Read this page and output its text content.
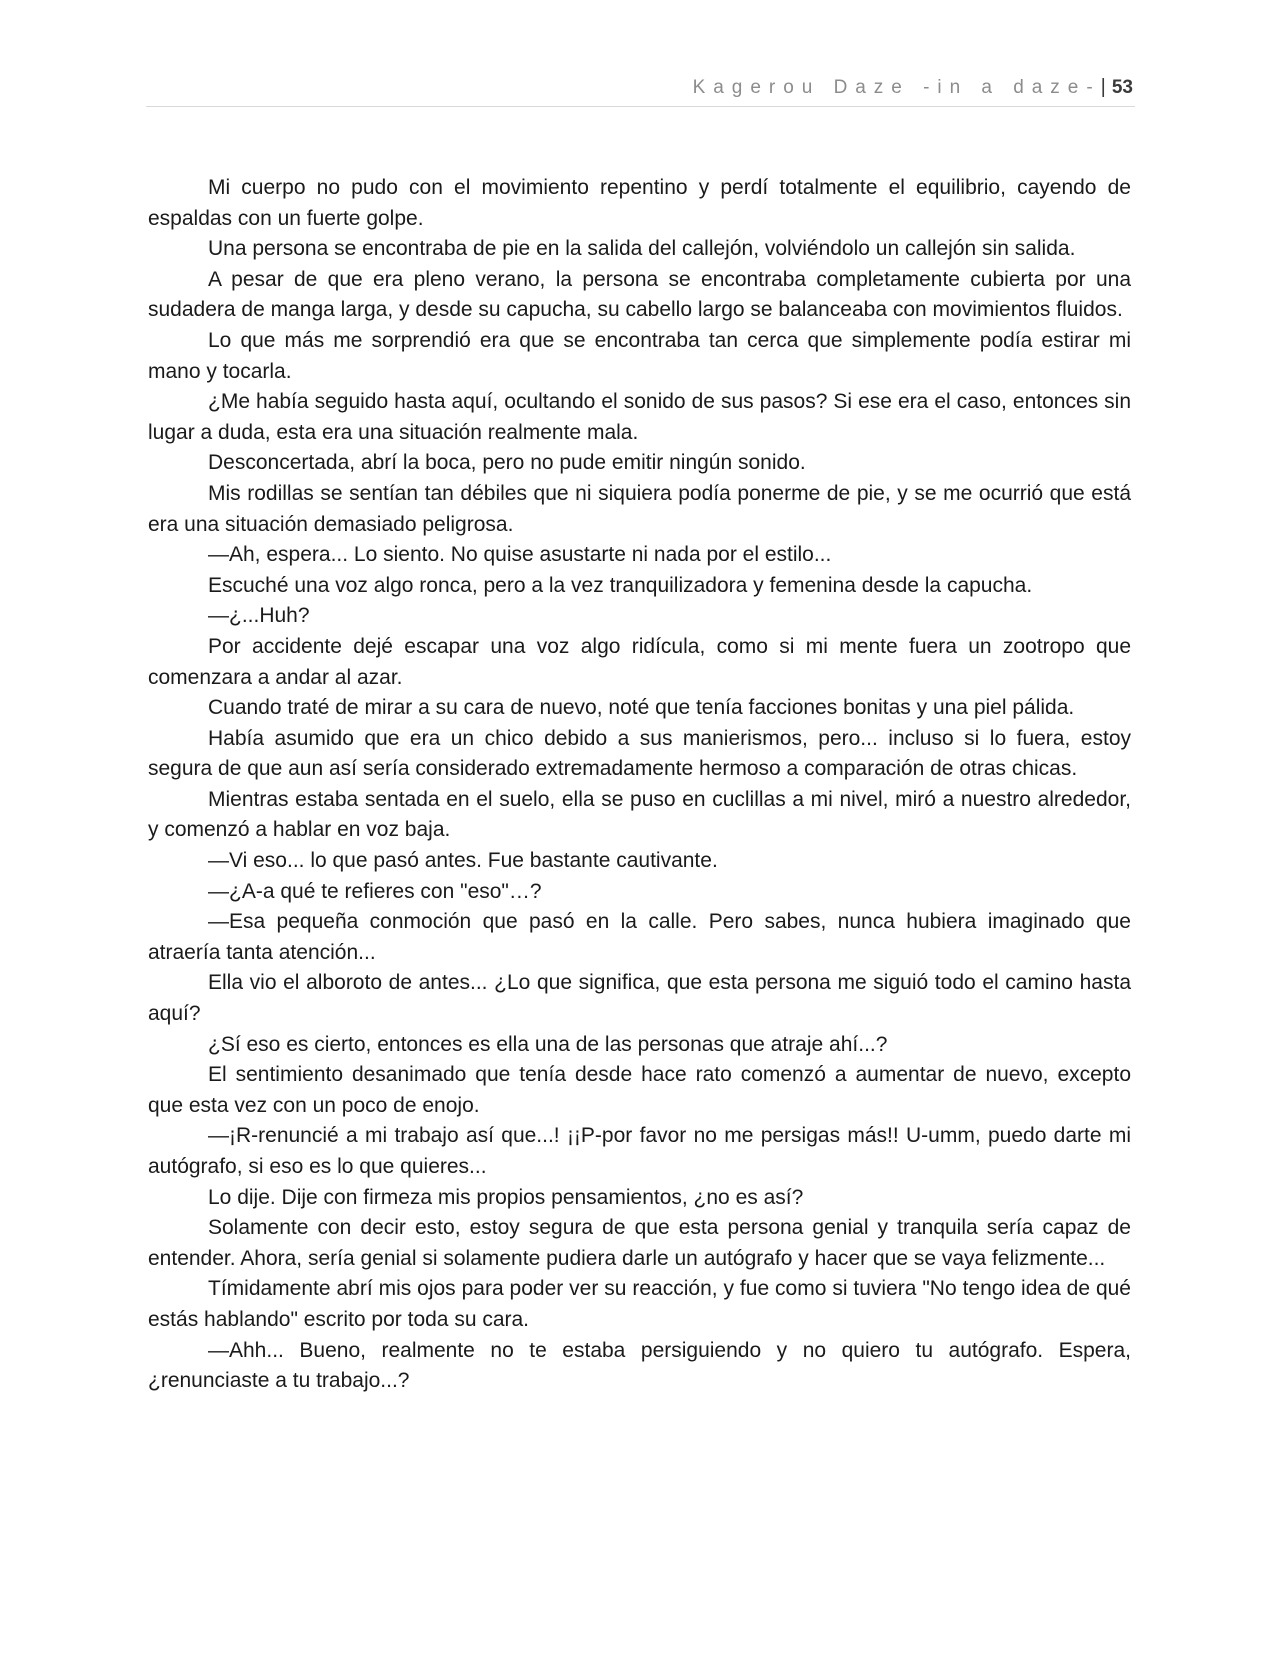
Kagerou Daze -in a daze- | 53

Mi cuerpo no pudo con el movimiento repentino y perdí totalmente el equilibrio, cayendo de espaldas con un fuerte golpe.

Una persona se encontraba de pie en la salida del callejón, volviéndolo un callejón sin salida.

A pesar de que era pleno verano, la persona se encontraba completamente cubierta por una sudadera de manga larga, y desde su capucha, su cabello largo se balanceaba con movimientos fluidos.

Lo que más me sorprendió era que se encontraba tan cerca que simplemente podía estirar mi mano y tocarla.

¿Me había seguido hasta aquí, ocultando el sonido de sus pasos? Si ese era el caso, entonces sin lugar a duda, esta era una situación realmente mala.

Desconcertada, abrí la boca, pero no pude emitir ningún sonido.

Mis rodillas se sentían tan débiles que ni siquiera podía ponerme de pie, y se me ocurrió que está era una situación demasiado peligrosa.

—Ah, espera... Lo siento. No quise asustarte ni nada por el estilo...

Escuché una voz algo ronca, pero a la vez tranquilizadora y femenina desde la capucha.

—¿...Huh?

Por accidente dejé escapar una voz algo ridícula, como si mi mente fuera un zootropo que comenzara a andar al azar.

Cuando traté de mirar a su cara de nuevo, noté que tenía facciones bonitas y una piel pálida.

Había asumido que era un chico debido a sus manierismos, pero... incluso si lo fuera, estoy segura de que aun así sería considerado extremadamente hermoso a comparación de otras chicas.

Mientras estaba sentada en el suelo, ella se puso en cuclillas a mi nivel, miró a nuestro alrededor, y comenzó a hablar en voz baja.

—Vi eso... lo que pasó antes. Fue bastante cautivante.

—¿A-a qué te refieres con "eso"…?

—Esa pequeña conmoción que pasó en la calle. Pero sabes, nunca hubiera imaginado que atraería tanta atención...

Ella vio el alboroto de antes... ¿Lo que significa, que esta persona me siguió todo el camino hasta aquí?

¿Sí eso es cierto, entonces es ella una de las personas que atraje ahí...?

El sentimiento desanimado que tenía desde hace rato comenzó a aumentar de nuevo, excepto que esta vez con un poco de enojo.

—¡R-renuncié a mi trabajo así que...! ¡¡P-por favor no me persigas más!! U-umm, puedo darte mi autógrafo, si eso es lo que quieres...

Lo dije. Dije con firmeza mis propios pensamientos, ¿no es así?

Solamente con decir esto, estoy segura de que esta persona genial y tranquila sería capaz de entender. Ahora, sería genial si solamente pudiera darle un autógrafo y hacer que se vaya felizmente...

Tímidamente abrí mis ojos para poder ver su reacción, y fue como si tuviera "No tengo idea de qué estás hablando" escrito por toda su cara.

—Ahh... Bueno, realmente no te estaba persiguiendo y no quiero tu autógrafo. Espera, ¿renunciaste a tu trabajo...?
